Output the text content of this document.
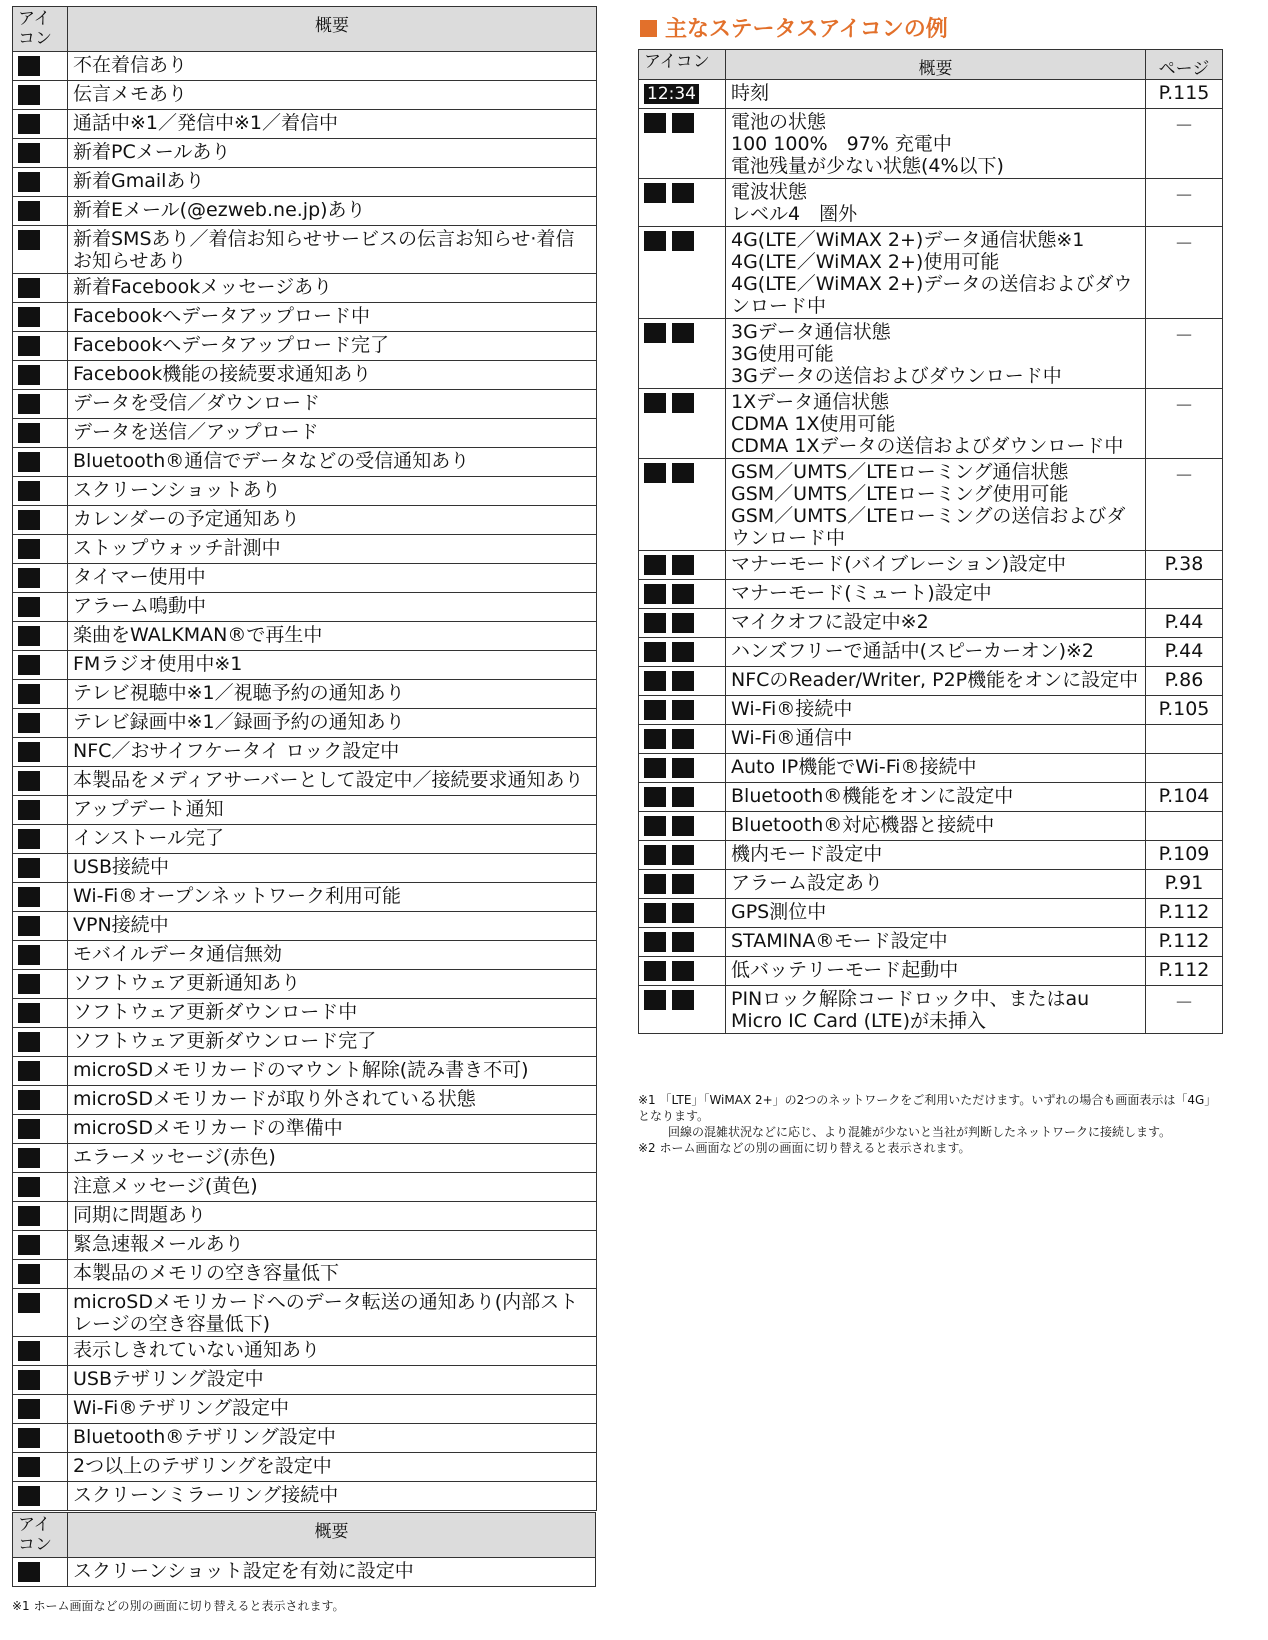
アイコン	概要
	不在着信あり
	伝言メモあり
	通話中※1／発信中※1／着信中
	新着PCメールあり
	新着Gmailあり
	新着Eメール(@ezweb.ne.jp)あり
	新着SMSあり／着信お知らせサービスの伝言お知らせ·着信お知らせあり
	新着Facebookメッセージあり
	Facebookへデータアップロード中
	Facebookへデータアップロード完了
	Facebook機能の接続要求通知あり
	データを受信／ダウンロード
	データを送信／アップロード
	Bluetooth®通信でデータなどの受信通知あり
	スクリーンショットあり
	カレンダーの予定通知あり
	ストップウォッチ計測中
	タイマー使用中
	アラーム鳴動中
	楽曲をWALKMAN®で再生中
	FMラジオ使用中※1
	テレビ視聴中※1／視聴予約の通知あり
	テレビ録画中※1／録画予約の通知あり
	NFC／おサイフケータイ ロック設定中
	本製品をメディアサーバーとして設定中／接続要求通知あり
	アップデート通知
	インストール完了
	USB接続中
	Wi-Fi®オープンネットワーク利用可能
	VPN接続中
	モバイルデータ通信無効
	ソフトウェア更新通知あり
	ソフトウェア更新ダウンロード中
	ソフトウェア更新ダウンロード完了
	microSDメモリカードのマウント解除(読み書き不可)
	microSDメモリカードが取り外されている状態
	microSDメモリカードの準備中
	エラーメッセージ(赤色)
	注意メッセージ(黄色)
	同期に問題あり
	緊急速報メールあり
	本製品のメモリの空き容量低下
	microSDメモリカードへのデータ転送の通知あり(内部ストレージの空き容量低下)
	表示しきれていない通知あり
	USBテザリング設定中
	Wi-Fi®テザリング設定中
	Bluetooth®テザリング設定中
	2つ以上のテザリングを設定中
	スクリーンミラーリング接続中
アイコン	概要
	スクリーンショット設定を有効に設定中

※1 ホーム画面などの別の画面に切り替えると表示されます。

主なステータスアイコンの例
アイコン	概要	ページ
12:34	時刻	P.115
	電池の状態
100 100%　97% 充電中
電池残量が少ない状態(4%以下)	－
	電波状態
レベル4　圏外	－
	4G(LTE／WiMAX 2+)データ通信状態※1
4G(LTE／WiMAX 2+)使用可能
4G(LTE／WiMAX 2+)データの送信およびダウンロード中	－
	3Gデータ通信状態
3G使用可能
3Gデータの送信およびダウンロード中	－
	1Xデータ通信状態
CDMA 1X使用可能
CDMA 1Xデータの送信およびダウンロード中	－
	GSM／UMTS／LTEローミング通信状態
GSM／UMTS／LTEローミング使用可能
GSM／UMTS／LTEローミングの送信およびダウンロード中	－
	マナーモード(バイブレーション)設定中	P.38
	マナーモード(ミュート)設定中	
	マイクオフに設定中※2	P.44
	ハンズフリーで通話中(スピーカーオン)※2	P.44
	NFCのReader/Writer, P2P機能をオンに設定中	P.86
	Wi-Fi®接続中	P.105
	Wi-Fi®通信中	
	Auto IP機能でWi-Fi®接続中	
	Bluetooth®機能をオンに設定中	P.104
	Bluetooth®対応機器と接続中	
	機内モード設定中	P.109
	アラーム設定あり	P.91
	GPS測位中	P.112
	STAMINA®モード設定中	P.112
	低バッテリーモード起動中	P.112
	PINロック解除コードロック中、またはau Micro IC Card (LTE)が未挿入	－
※1 「LTE」「WiMAX 2+」の2つのネットワークをご利用いただけます。いずれの場合も画面表示は「4G」となります。
回線の混雑状況などに応じ、より混雑が少ないと当社が判断したネットワークに接続します。
※2 ホーム画面などの別の画面に切り替えると表示されます。
